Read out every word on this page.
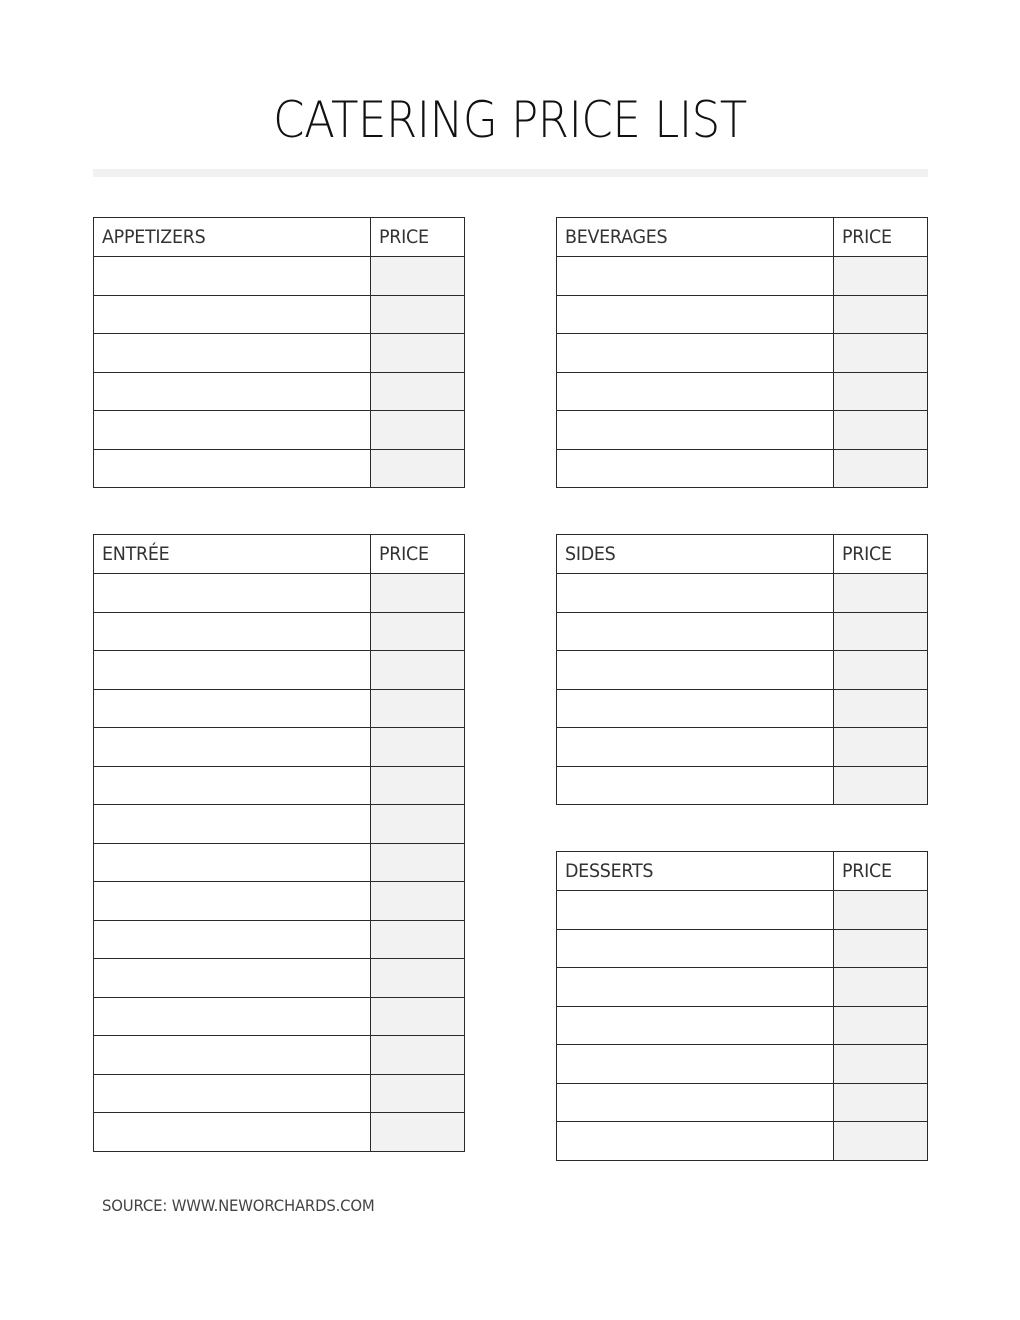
CATERING PRICE LIST
APPETIZERS	PRICE

		BEVERAGES	PRICE

ENTRÉE	PRICE

		SIDES	PRICE

DESSERTS	PRICE

SOURCE: WWW.NEWORCHARDS.COM
